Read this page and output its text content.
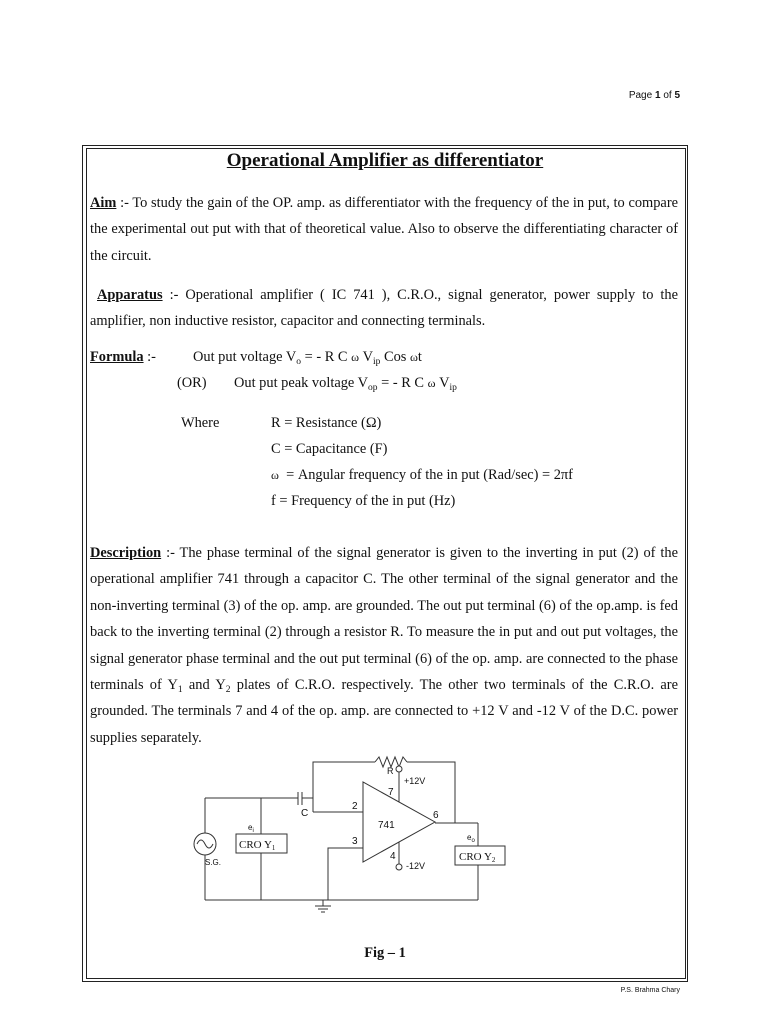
Page 1 of 5
Operational Amplifier as differentiator
Aim :- To study the gain of the OP. amp. as differentiator with the frequency of the in put, to compare the experimental out put with that of theoretical value. Also to observe the differentiating character of the circuit.
Apparatus :- Operational amplifier ( IC 741 ), C.R.O., signal generator, power supply to the amplifier, non inductive resistor, capacitor and connecting terminals.
Formula :-	Out put voltage $V_o$ = - R C ω $V_{ip}$ Cos ωt
(OR) Out put peak voltage $V_{op}$ = - R C ω $V_{ip}$
Where	R = Resistance (Ω)
C = Capacitance (F)
ω = Angular frequency of the in put (Rad/sec) = 2πf
f = Frequency of the in put (Hz)
Description :- The phase terminal of the signal generator is given to the inverting in put (2) of the operational amplifier 741 through a capacitor C. The other terminal of the signal generator and the non-inverting terminal (3) of the op. amp. are grounded. The out put terminal (6) of the op.amp. is fed back to the inverting terminal (2) through a resistor R. To measure the in put and out put voltages, the signal generator phase terminal and the out put terminal (6) of the op. amp. are connected to the phase terminals of $Y_1$ and $Y_2$ plates of C.R.O. respectively. The other two terminals of the C.R.O. are grounded. The terminals 7 and 4 of the op. amp. are connected to +12 V and -12 V of the D.C. power supplies separately.
R
+12V
7
2
C	6
741
3
4
-12V
S.G.
$e_i$
$e_o$
CRO Y1
CRO Y2
Fig – 1
P.S. Brahma Chary
